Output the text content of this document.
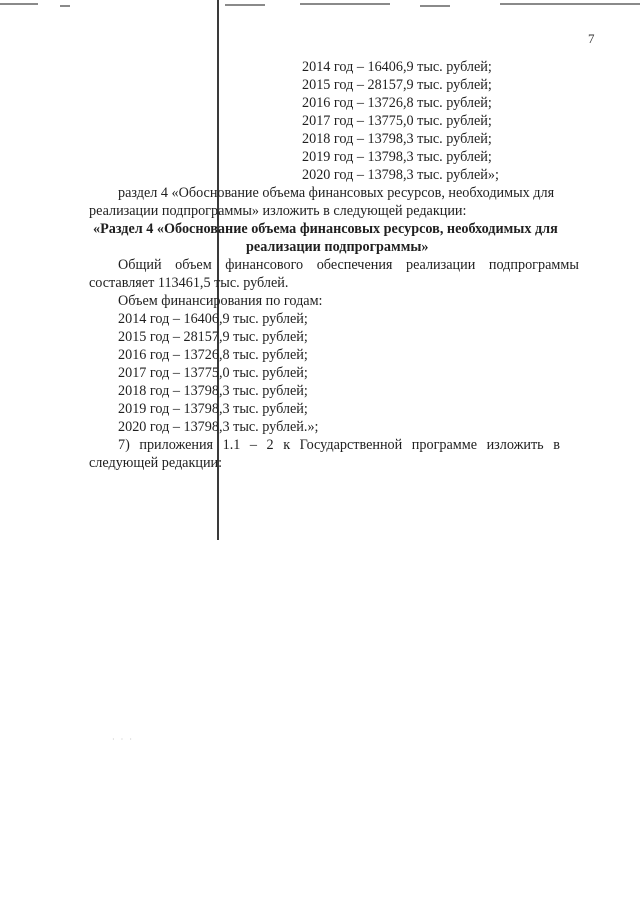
7
2014 год – 16406,9 тыс. рублей;
2015 год – 28157,9 тыс. рублей;
2016 год – 13726,8 тыс. рублей;
2017 год – 13775,0 тыс. рублей;
2018 год – 13798,3 тыс. рублей;
2019 год – 13798,3 тыс. рублей;
2020 год – 13798,3 тыс. рублей»;
раздел 4 «Обоснование объема финансовых ресурсов, необходимых для
реализации подпрограммы» изложить в следующей редакции:
«Раздел 4 «Обоснование объема финансовых ресурсов, необходимых для
реализации подпрограммы»
Общий объем финансового обеспечения реализации подпрограммы
составляет 113461,5 тыс. рублей.
Объем финансирования по годам:
2014 год – 16406,9 тыс. рублей;
2015 год – 28157,9 тыс. рублей;
2016 год – 13726,8 тыс. рублей;
2017 год – 13775,0 тыс. рублей;
2018 год – 13798,3 тыс. рублей;
2019 год – 13798,3 тыс. рублей;
2020 год – 13798,3 тыс. рублей.»;
7) приложения 1.1 – 2 к Государственной программе изложить в
следующей редакции:
· · ·
